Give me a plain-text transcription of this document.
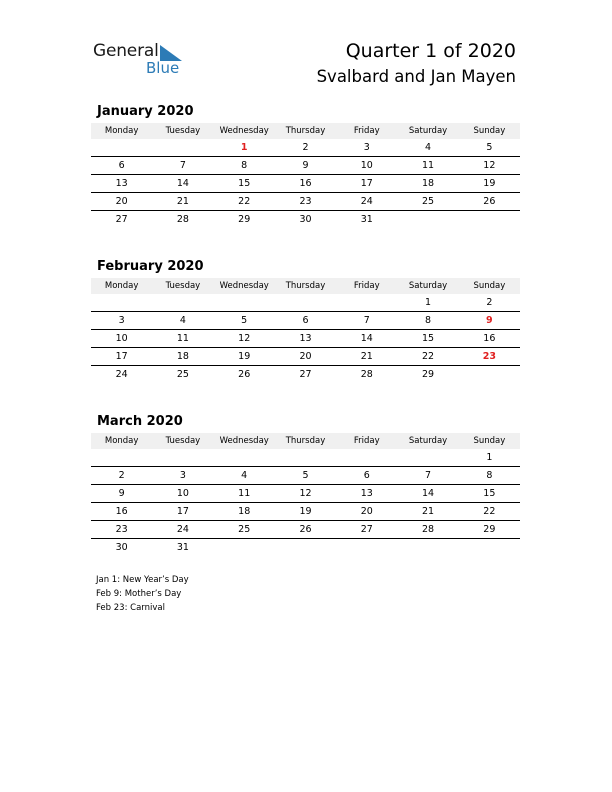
General
Blue
Quarter 1 of 2020
Svalbard and Jan Mayen
January 2020
Monday	Tuesday	Wednesday	Thursday	Friday	Saturday	Sunday
		1	2	3	4	5
6	7	8	9	10	11	12
13	14	15	16	17	18	19
20	21	22	23	24	25	26
27	28	29	30	31		
February 2020
Monday	Tuesday	Wednesday	Thursday	Friday	Saturday	Sunday
					1	2
3	4	5	6	7	8	9
10	11	12	13	14	15	16
17	18	19	20	21	22	23
24	25	26	27	28	29	
March 2020
Monday	Tuesday	Wednesday	Thursday	Friday	Saturday	Sunday
						1
2	3	4	5	6	7	8
9	10	11	12	13	14	15
16	17	18	19	20	21	22
23	24	25	26	27	28	29
30	31					
Jan 1: New Year’s Day
Feb 9: Mother’s Day
Feb 23: Carnival
